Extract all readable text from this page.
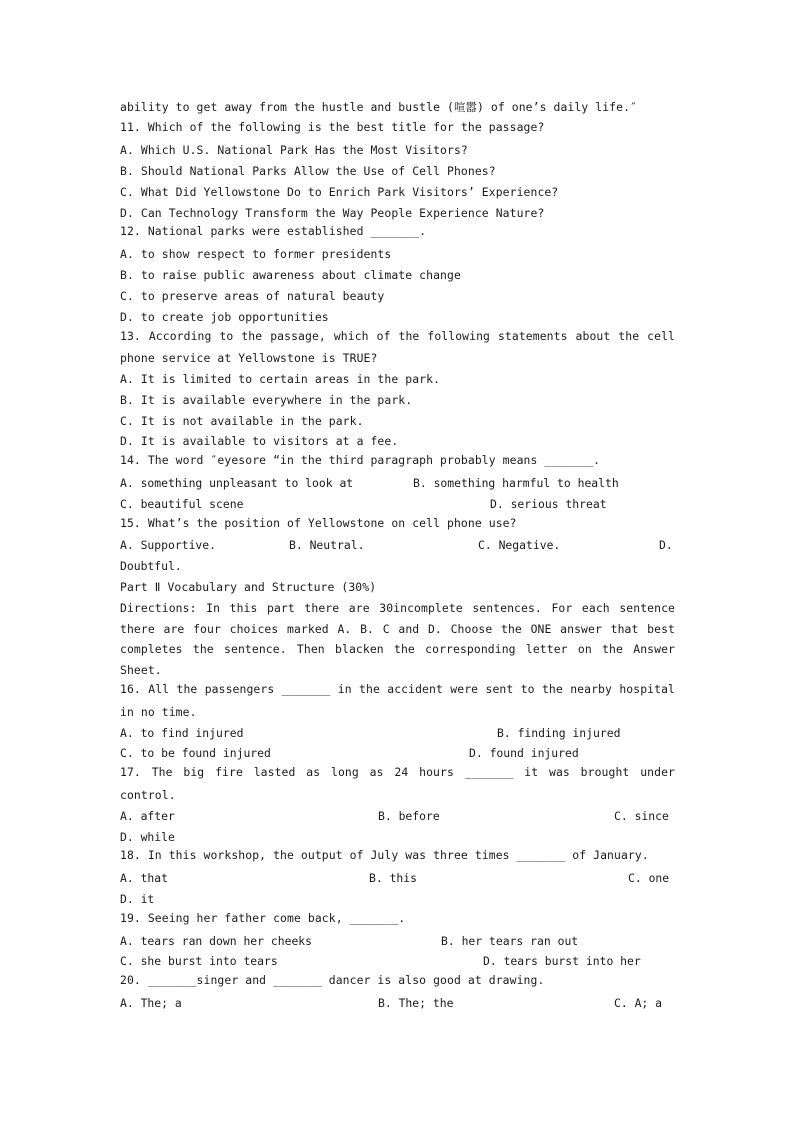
ability to get away from the hustle and bustle (喧嚣) of one’s daily life.″
11. Which of the following is the best title for the passage?
A. Which U.S. National Park Has the Most Visitors?
B. Should National Parks Allow the Use of Cell Phones?
C. What Did Yellowstone Do to Enrich Park Visitors’ Experience?
D. Can Technology Transform the Way People Experience Nature?
12. National parks were established _______.
A. to show respect to former presidents
B. to raise public awareness about climate change
C. to preserve areas of natural beauty
D. to create job opportunities
13. According to the passage, which of the following statements about the cell
phone service at Yellowstone is TRUE?
A. It is limited to certain areas in the park.
B. It is available everywhere in the park.
C. It is not available in the park.
D. It is available to visitors at a fee.
14. The word ″eyesore “in the third paragraph probably means _______.
A. something unpleasant to look at	B. something harmful to health
C. beautiful scene	D. serious threat
15. What’s the position of Yellowstone on cell phone use?
A. Supportive.	B. Neutral.	C. Negative.	D.
Doubtful.
Part Ⅱ Vocabulary and Structure (30%)
Directions: In this part there are 30incomplete sentences. For each sentence
there are four choices marked A. B. C and D. Choose the ONE answer that best
completes the sentence. Then blacken the corresponding letter on the Answer
Sheet.
16. All the passengers _______ in the accident were sent to the nearby hospital
in no time.
A. to find injured	B. finding injured
C. to be found injured	D. found injured
17. The big fire lasted as long as 24 hours _______ it was brought under
control.
A. after	B. before	C. since
D. while
18. In this workshop, the output of July was three times _______ of January.
A. that	B. this	C. one
D. it
19. Seeing her father come back, _______.
A. tears ran down her cheeks	B. her tears ran out
C. she burst into tears	D. tears burst into her
20. _______singer and _______ dancer is also good at drawing.
A. The; a	B. The; the	C. A; a
